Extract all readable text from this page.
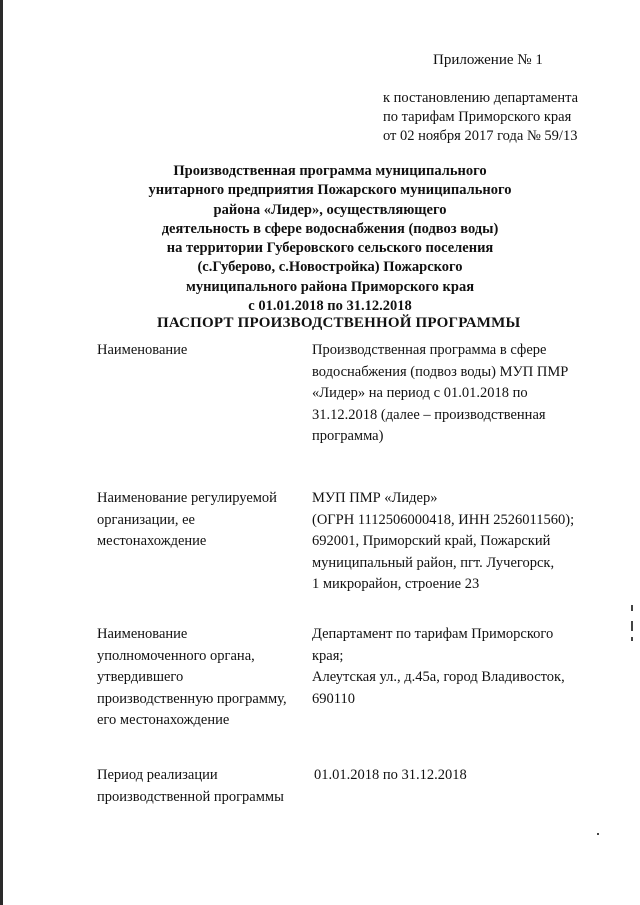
Приложение № 1
к постановлению департамента
по тарифам Приморского края
от 02 ноября 2017 года № 59/13
Производственная программа муниципального
унитарного предприятия Пожарского муниципального
района «Лидер», осуществляющего
деятельность в сфере водоснабжения (подвоз воды)
на территории Губеровского сельского поселения
(с.Губерово, с.Новостройка) Пожарского
муниципального района Приморского края
с 01.01.2018 по 31.12.2018
ПАСПОРТ ПРОИЗВОДСТВЕННОЙ ПРОГРАММЫ
Наименование	Производственная программа в сфере
водоснабжения (подвоз воды) МУП ПМР
«Лидер» на период с 01.01.2018 по
31.12.2018 (далее – производственная
программа)
Наименование регулируемой
организации, ее
местонахождение
МУП ПМР «Лидер»
(ОГРН 1112506000418, ИНН 2526011560);
692001, Приморский край, Пожарский
муниципальный район, пгт. Лучегорск,
1 микрорайон, строение 23
Наименование
уполномоченного органа,
утвердившего
производственную программу,
его местонахождение
Департамент по тарифам Приморского
края;
Алеутская ул., д.45а, город Владивосток,
690110
Период реализации
производственной программы
01.01.2018 по 31.12.2018
